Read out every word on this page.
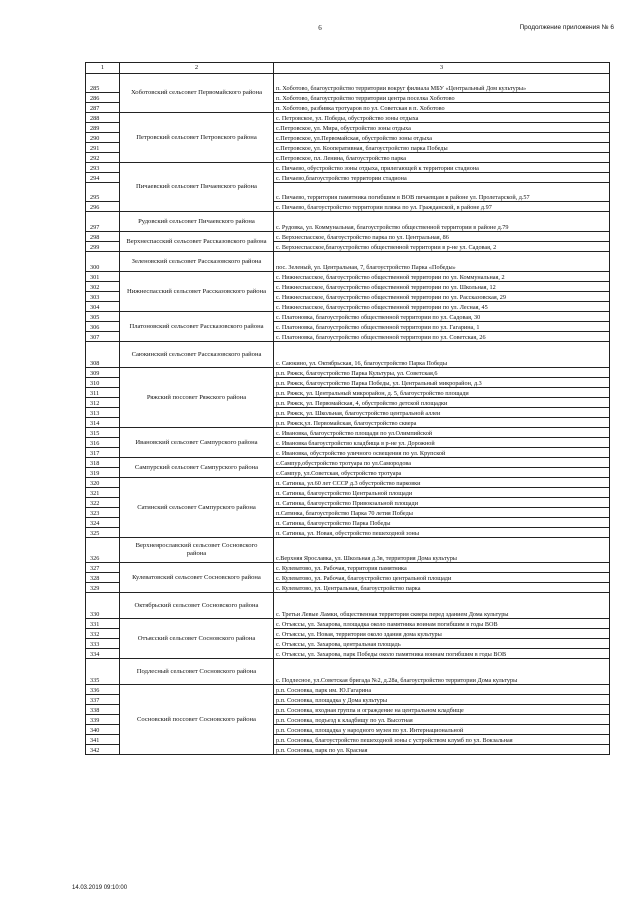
6	Продолжение приложения № 6
1	2	3
285	Хоботовский сельсовет Первомайского района	п. Хоботово, благоустройство территории вокруг филиала МБУ «Центральный Дом культуры»
286		п. Хоботово, благоустройство территории центра поселка Хоботово
287		п. Хоботово, разбивка тротуаров по ул. Советская в п. Хоботово
288	Петровский сельсовет Петровского района	с. Петровское, ул. Победы, обустройство зоны отдыха
289		с.Петровское, ул. Мира, обустройство зоны отдыха
290		с.Петровское, ул.Первомайская, обустройство зоны отдыха
291		с.Петровское, ул. Кооперативная, благоустройство парка Победы
292		с.Петровское, пл. Ленина, благоустройство парка
293	Пичаевский сельсовет Пичаевского района	с. Пичаево, обустройство зоны отдыха, прилегающей к территории стадиона
294		с. Пичаево,благоустройство территории стадиона
295		с. Пичаево, территория памятника погибшим в ВОВ пичаевцам в районе ул. Пролетарской, д.57
296		с. Пичаево, благоустройство территории пляжа по ул. Гражданской, в районе д.97
297	Рудовский сельсовет Пичаевского района	с. Рудовка, ул. Коммунальная, благоустройство общественной территории в районе д.79
298	Верхнеспасский сельсовет Рассказовского района	с. Верхнеспасское, благоустройство парка по ул. Центральная, 86
299		с. Верхнеспасское,благоустройство общественной территории в р-не ул. Садовая, 2
300	Зеленовский сельсовет Рассказовского района	пос. Зеленый, ул. Центральная, 7, благоустройство Парка «Победы»
301	Нижнеспасский сельсовет Рассказовского района	с. Нижнеспасское, благоустройство общественной территории по ул. Коммунальная, 2
302		с. Нижнеспасское, благоустройство общественной территории по ул. Школьная, 12
303		с. Нижнеспасское, благоустройство общественной территории по ул. Рассказовская, 29
304		с. Нижнеспасское, благоустройство общественной территории по ул. Лесная, 45
305	Платоновский сельсовет Рассказовского района	с. Платоновка, благоустройство общественной территории по ул. Садовая, 30
306		с. Платоновка, благоустройство общественной территории по ул. Гагарина, 1
307		с. Платоновка, благоустройство общественной территории по ул. Советская, 26
308	Саюкинский сельсовет Рассказовского района	с. Саюкино, ул. Октябрьская, 16, благоустройство Парка Победы
309	Ряжский поссовет Ряжского района	р.п. Ряжск, благоустройство Парка Культуры, ул. Советская,6
310		р.п. Ряжск, благоустройство Парка Победы, ул. Центральный микрорайон, д.3
311		р.п. Ряжск, ул. Центральный микрорайон, д. 5, благоустройство площади
312		р.п. Ряжск, ул. Первомайская, 4, обустройство детской площадки
313		р.п. Ряжск, ул. Школьная, благоустройство центральной аллеи
314		р.п. Ряжск,ул. Первомайская, благоустройство сквера
315	Ивановский сельсовет Сампурского района	с. Ивановка, благоустройство площади по ул.Олимпийской
316		с. Ивановка благоустройство кладбища в р-не ул. Дорожной
317		с. Ивановка, обустройство уличного освещения по ул. Крупской
318	Сампурский сельсовет Сампурского района	с.Сампур,обустройство тротуара по ул.Самородова
319		с.Сампур, ул.Советская, обустройство тротуара
320	Сатинский сельсовет Сампурского района	п. Сатинка, ул.60 лет СССР д.3 обустройство парковки
321		п. Сатинка, благоустройство Центральной площади
322		п. Сатинка, благоустройство Привокзальной площади
323		п.Сатинка, благоустройство Парка 70 летия Победы
324		п. Сатинка, благоустройство Парка Победы
325		п. Сатинка, ул. Новая, обустройство пешеходной зоны
326	Верхнеярославский сельсовет Сосновского района	с.Верхняя Ярославка, ул. Школьная д.3в, территория Дома культуры
327	Кулеватовский сельсовет Сосновского района	с. Кулеватово, ул. Рабочая, территория памятника
328		с. Кулеватово, ул. Рабочая, благоустройство центральной площади
329		с. Кулеватово, ул. Центральная, благоустройство парка
330	Октябрьский сельсовет Сосновского района	с. Третьи Левые Ламки, общественная территория сквера перед зданием Дома культуры
331	Отъясский сельсовет Сосновского района	с. Отъяссы, ул. Захарова, площадка около памятника воинам погибшим в годы ВОВ
332		с. Отъяссы, ул. Новая, территория около здания дома культуры
333		с. Отъяссы, ул. Захарова, центральная площадь
334		с. Отъяссы, ул. Захарова, парк Победы около памятника воинам погибшим в годы ВОВ
335	Подлесный сельсовет Сосновского района	с. Подлесное, ул.Советская бригада №2, д.28а, благоустройство территории Дома культуры
336	Сосновский поссовет Сосновского района	р.п. Сосновка, парк им. Ю.Гагарина
337		р.п. Сосновка, площадка у Дома культуры
338		р.п. Сосновка, входная группа и ограждение на центральном кладбище
339		р.п. Сосновка, подъезд к кладбищу по ул. Высотная
340		р.п. Сосновка, площадка у народного музея по ул. Интернациональной
341		р.п. Сосновка, благоустройство пешеходной зоны с устройством клумб по ул. Вокзальная
342		р.п. Сосновка, парк по ул. Красная
14.03.2019 09:10:00
